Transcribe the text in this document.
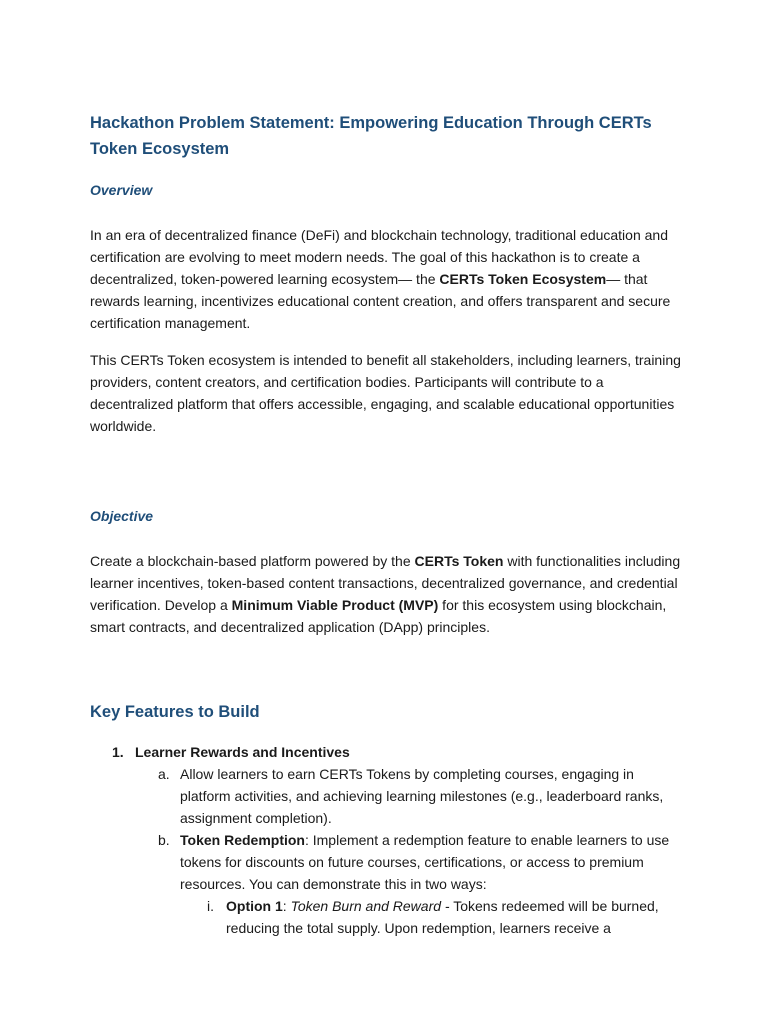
Hackathon Problem Statement: Empowering Education Through CERTs Token Ecosystem
Overview

In an era of decentralized finance (DeFi) and blockchain technology, traditional education and certification are evolving to meet modern needs. The goal of this hackathon is to create a decentralized, token-powered learning ecosystem— the CERTs Token Ecosystem— that rewards learning, incentivizes educational content creation, and offers transparent and secure certification management.

This CERTs Token ecosystem is intended to benefit all stakeholders, including learners, training providers, content creators, and certification bodies. Participants will contribute to a decentralized platform that offers accessible, engaging, and scalable educational opportunities worldwide.

Objective

Create a blockchain-based platform powered by the CERTs Token with functionalities including learner incentives, token-based content transactions, decentralized governance, and credential verification. Develop a Minimum Viable Product (MVP) for this ecosystem using blockchain, smart contracts, and decentralized application (DApp) principles.

Key Features to Build
1. Learner Rewards and Incentives
a. Allow learners to earn CERTs Tokens by completing courses, engaging in platform activities, and achieving learning milestones (e.g., leaderboard ranks, assignment completion).
b. Token Redemption: Implement a redemption feature to enable learners to use tokens for discounts on future courses, certifications, or access to premium resources. You can demonstrate this in two ways:
i. Option 1: Token Burn and Reward - Tokens redeemed will be burned, reducing the total supply. Upon redemption, learners receive a
